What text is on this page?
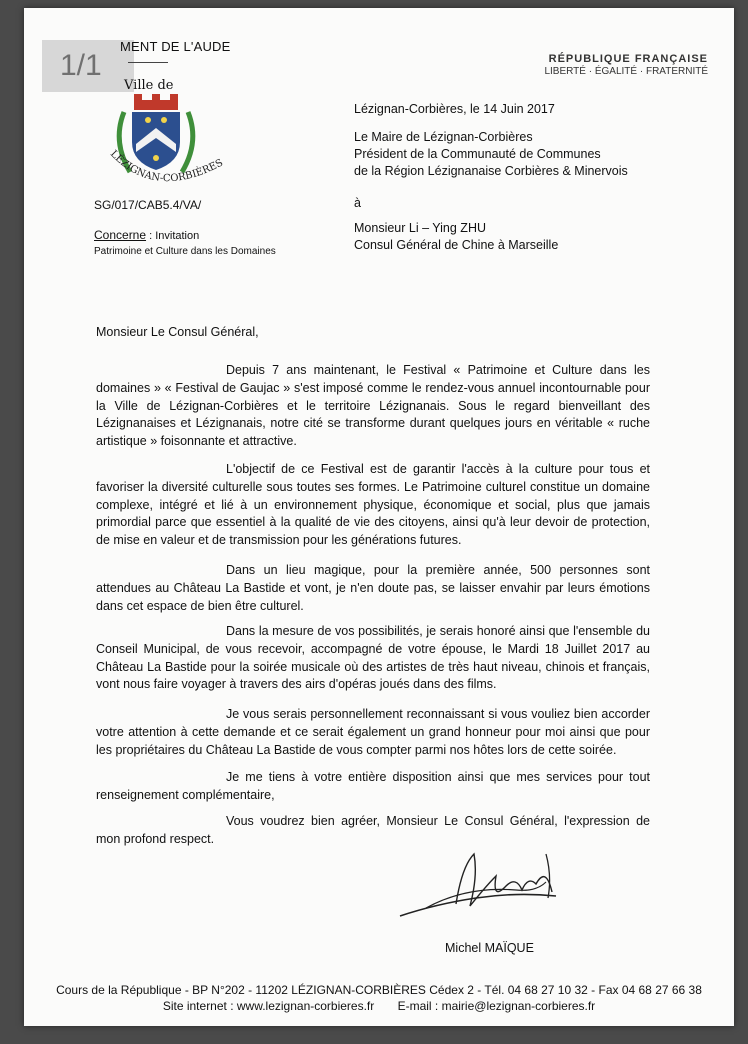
1/1
MENT DE L'AUDE
RÉPUBLIQUE FRANÇAISE
LIBERTÉ · ÉGALITÉ · FRATERNITÉ
Ville de
LÉZIGNAN-CORBIÈRES
SG/017/CAB5.4/VA/
Concerne : Invitation
Patrimoine et Culture dans les Domaines
Lézignan-Corbières, le 14 Juin 2017
Le Maire de Lézignan-Corbières
Président de la Communauté de Communes
de la Région Lézignanaise Corbières & Minervois
à
Monsieur Li – Ying ZHU
Consul Général de Chine à Marseille
Monsieur Le Consul Général,
Depuis 7 ans maintenant, le Festival « Patrimoine et Culture dans les domaines » « Festival de Gaujac » s'est imposé comme le rendez-vous annuel incontournable pour la Ville de Lézignan-Corbières et le territoire Lézignanais. Sous le regard bienveillant des Lézignanaises et Lézignanais, notre cité se transforme durant quelques jours en véritable « ruche artistique » foisonnante et attractive.
L'objectif de ce Festival est de garantir l'accès à la culture pour tous et favoriser la diversité culturelle sous toutes ses formes. Le Patrimoine culturel constitue un domaine complexe, intégré et lié à un environnement physique, économique et social, plus que jamais primordial parce que essentiel à la qualité de vie des citoyens, ainsi qu'à leur devoir de protection, de mise en valeur et de transmission pour les générations futures.
Dans un lieu magique, pour la première année, 500 personnes sont attendues au Château La Bastide et vont, je n'en doute pas, se laisser envahir par leurs émotions dans cet espace de bien être culturel.
Dans la mesure de vos possibilités, je serais honoré ainsi que l'ensemble du Conseil Municipal, de vous recevoir, accompagné de votre épouse, le Mardi 18 Juillet 2017 au Château La Bastide pour la soirée musicale où des artistes de très haut niveau, chinois et français, vont nous faire voyager à travers des airs d'opéras joués dans des films.
Je vous serais personnellement reconnaissant si vous vouliez bien accorder votre attention à cette demande et ce serait également un grand honneur pour moi ainsi que pour les propriétaires du Château La Bastide de vous compter parmi nos hôtes lors de cette soirée.
Je me tiens à votre entière disposition ainsi que mes services pour tout renseignement complémentaire,
Vous voudrez bien agréer, Monsieur Le Consul Général, l'expression de mon profond respect.
Michel MAÏQUE
Cours de la République - BP N°202 - 11202 LÉZIGNAN-CORBIÈRES Cédex 2 - Tél. 04 68 27 10 32 - Fax 04 68 27 66 38
Site internet : www.lezignan-corbieres.fr       E-mail : mairie@lezignan-corbieres.fr
